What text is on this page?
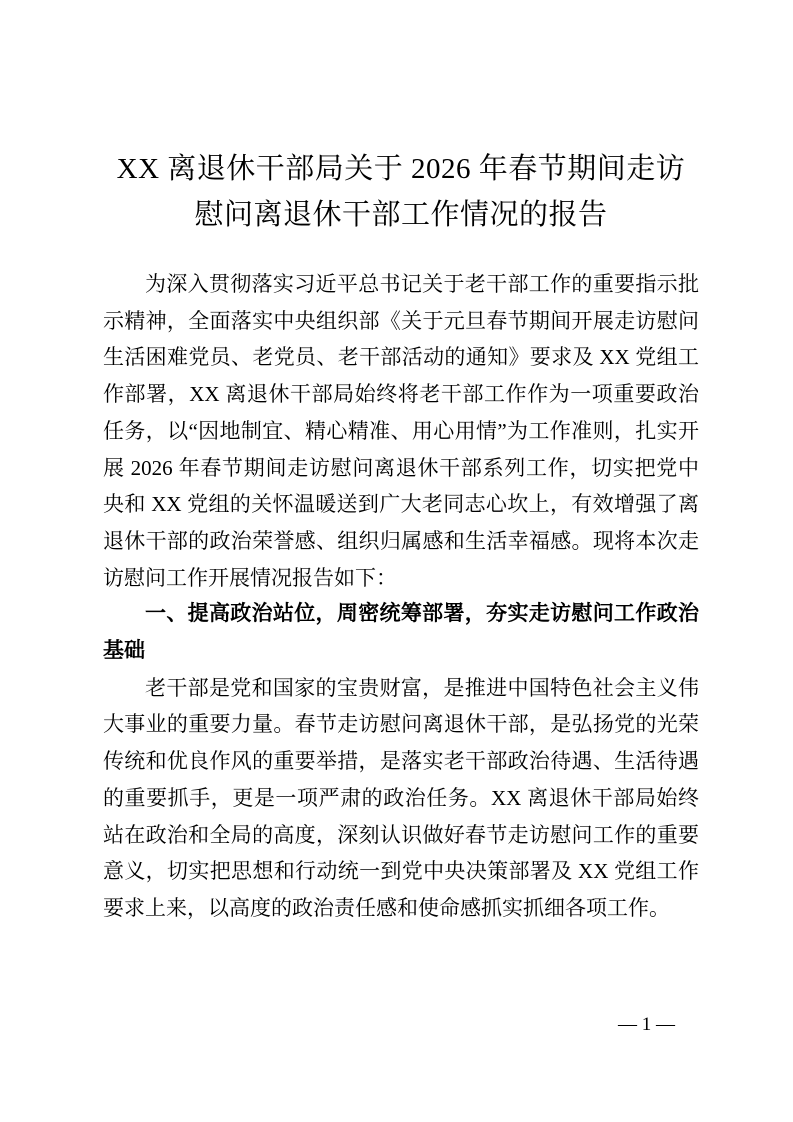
XX 离退休干部局关于 2026 年春节期间走访慰问离退休干部工作情况的报告

为深入贯彻落实习近平总书记关于老干部工作的重要指示批示精神，全面落实中央组织部《关于元旦春节期间开展走访慰问生活困难党员、老党员、老干部活动的通知》要求及 XX 党组工作部署，XX 离退休干部局始终将老干部工作作为一项重要政治任务，以“因地制宜、精心精准、用心用情”为工作准则，扎实开展 2026 年春节期间走访慰问离退休干部系列工作，切实把党中央和 XX 党组的关怀温暖送到广大老同志心坎上，有效增强了离退休干部的政治荣誉感、组织归属感和生活幸福感。现将本次走访慰问工作开展情况报告如下：

一、提高政治站位，周密统筹部署，夯实走访慰问工作政治基础

老干部是党和国家的宝贵财富，是推进中国特色社会主义伟大事业的重要力量。春节走访慰问离退休干部，是弘扬党的光荣传统和优良作风的重要举措，是落实老干部政治待遇、生活待遇的重要抓手，更是一项严肃的政治任务。XX 离退休干部局始终站在政治和全局的高度，深刻认识做好春节走访慰问工作的重要意义，切实把思想和行动统一到党中央决策部署及 XX 党组工作要求上来，以高度的政治责任感和使命感抓实抓细各项工作。

— 1 —
